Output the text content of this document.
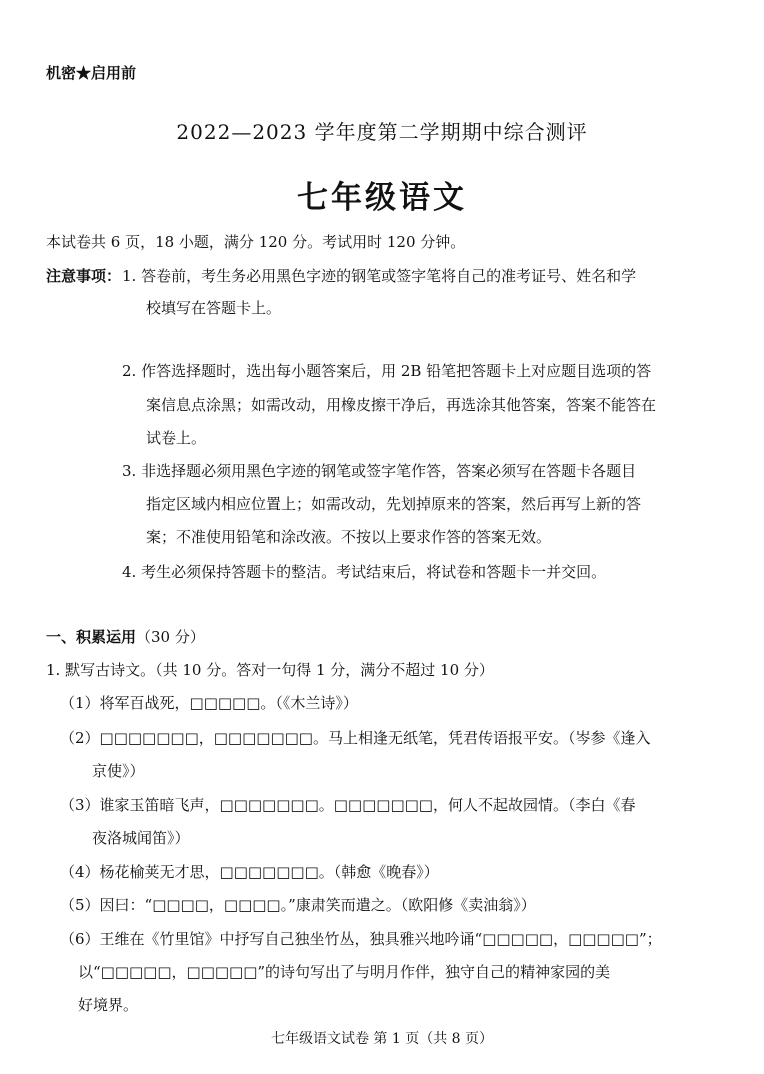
机密★启用前
2022—2023 学年度第二学期期中综合测评
七年级语文
本试卷共 6 页，18 小题，满分 120 分。考试用时 120 分钟。
注意事项： 1. 答卷前，考生务必用黑色字迹的钢笔或签字笔将自己的准考证号、姓名和学
校填写在答题卡上。
2. 作答选择题时，选出每小题答案后，用 2B 铅笔把答题卡上对应题目选项的答
案信息点涂黑；如需改动，用橡皮擦干净后，再选涂其他答案，答案不能答在
试卷上。
3. 非选择题必须用黑色字迹的钢笔或签字笔作答，答案必须写在答题卡各题目
指定区域内相应位置上；如需改动，先划掉原来的答案，然后再写上新的答
案；不准使用铅笔和涂改液。不按以上要求作答的答案无效。
4. 考生必须保持答题卡的整洁。考试结束后，将试卷和答题卡一并交回。
一、积累运用（30 分）
1. 默写古诗文。（共 10 分。答对一句得 1 分，满分不超过 10 分）
（1）将军百战死，□□□□□。（《木兰诗》）
（2）□□□□□□□，□□□□□□□。马上相逢无纸笔，凭君传语报平安。（岑参《逢入
京使》）
（3）谁家玉笛暗飞声，□□□□□□□。□□□□□□□，何人不起故园情。（李白《春
夜洛城闻笛》）
（4）杨花榆荚无才思，□□□□□□□。（韩愈《晚春》）
（5）因曰：“□□□□，□□□□。”康肃笑而遣之。（欧阳修《卖油翁》）
（6）王维在《竹里馆》中抒写自己独坐竹丛，独具雅兴地吟诵“□□□□□，□□□□□”；
以“□□□□□，□□□□□”的诗句写出了与明月作伴，独守自己的精神家园的美
好境界。
七年级语文试卷 第 1 页（共 8 页）
